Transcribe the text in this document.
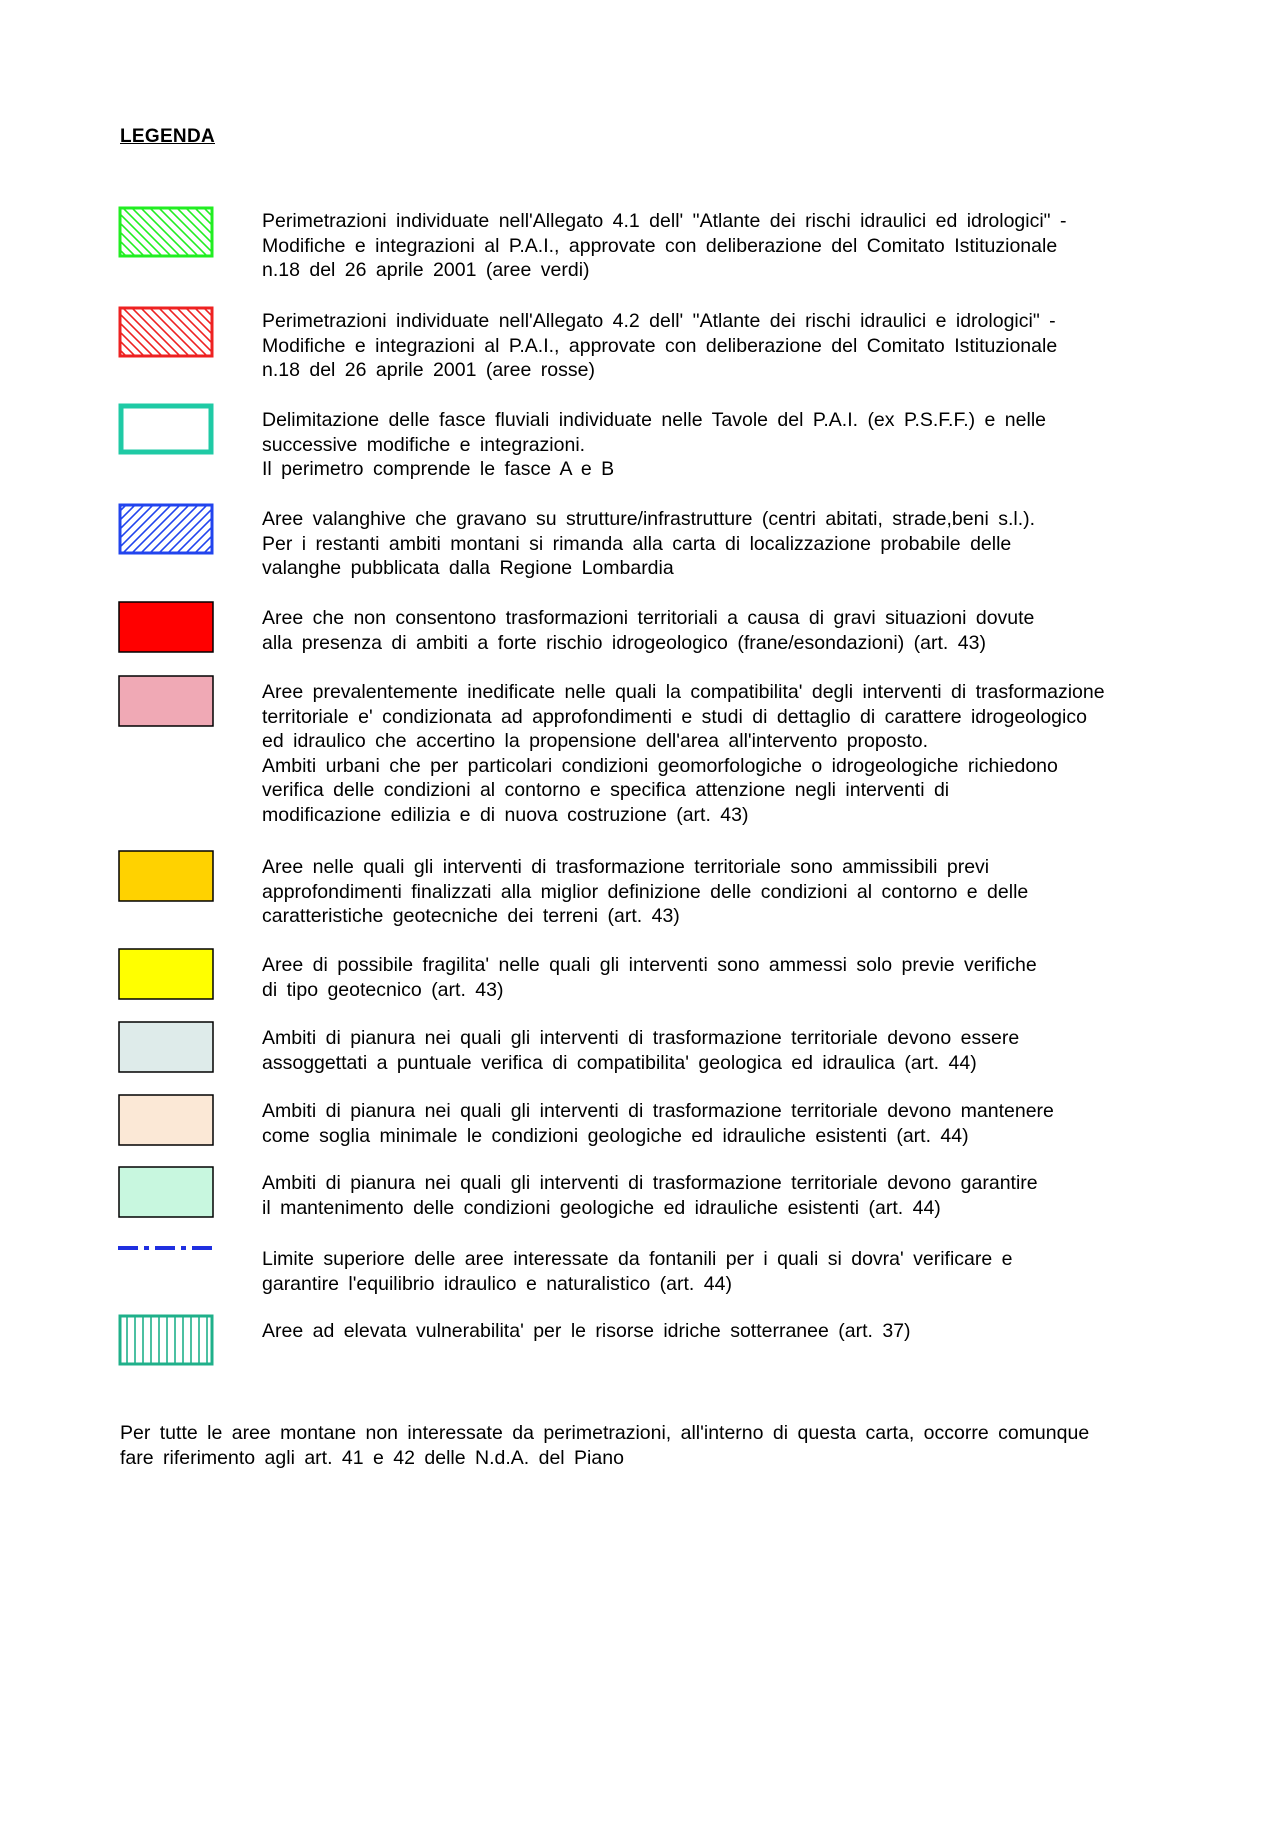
LEGENDA
Perimetrazioni individuate nell'Allegato 4.1 dell' "Atlante dei rischi idraulici ed idrologici" -
Modifiche e integrazioni al P.A.I., approvate con deliberazione del Comitato Istituzionale
n.18 del 26 aprile 2001 (aree verdi)
Perimetrazioni individuate nell'Allegato 4.2 dell' "Atlante dei rischi idraulici e idrologici" -
Modifiche e integrazioni al P.A.I., approvate con deliberazione del Comitato Istituzionale
n.18 del 26 aprile 2001 (aree rosse)
Delimitazione delle fasce fluviali individuate nelle Tavole del P.A.I. (ex P.S.F.F.) e nelle
successive modifiche e integrazioni.
Il perimetro comprende le fasce A e B
Aree valanghive che gravano su strutture/infrastrutture (centri abitati, strade,beni s.l.).
Per i restanti ambiti montani si rimanda alla carta di localizzazione probabile delle
valanghe pubblicata dalla Regione Lombardia
Aree che non consentono trasformazioni territoriali a causa di gravi situazioni dovute
alla presenza di ambiti a forte rischio idrogeologico (frane/esondazioni) (art. 43)
Aree prevalentemente inedificate nelle quali la compatibilita' degli interventi di trasformazione
territoriale e' condizionata ad approfondimenti e studi di dettaglio di carattere idrogeologico
ed idraulico che accertino la propensione dell'area all'intervento proposto.
Ambiti urbani che per particolari condizioni geomorfologiche o idrogeologiche richiedono
verifica delle condizioni al contorno e specifica attenzione negli interventi di
modificazione edilizia e di nuova costruzione (art. 43)
Aree nelle quali gli interventi di trasformazione territoriale sono ammissibili previ
approfondimenti finalizzati alla miglior definizione delle condizioni al contorno e delle
caratteristiche geotecniche dei terreni (art. 43)
Aree di possibile fragilita' nelle quali gli interventi sono ammessi solo previe verifiche
di tipo geotecnico (art. 43)
Ambiti di pianura nei quali gli interventi di trasformazione territoriale devono essere
assoggettati a puntuale verifica di compatibilita' geologica ed idraulica (art. 44)
Ambiti di pianura nei quali gli interventi di trasformazione territoriale devono mantenere
come soglia minimale le condizioni geologiche ed idrauliche esistenti (art. 44)
Ambiti di pianura nei quali gli interventi di trasformazione territoriale devono garantire
il mantenimento delle condizioni geologiche ed idrauliche esistenti (art. 44)
Limite superiore delle aree interessate da fontanili per i quali si dovra' verificare e
garantire l'equilibrio idraulico e naturalistico (art. 44)
Aree ad elevata vulnerabilita' per le risorse idriche sotterranee (art. 37)
Per tutte le aree montane non interessate da perimetrazioni, all'interno di questa carta, occorre comunque
fare riferimento agli art. 41 e 42 delle N.d.A. del Piano
